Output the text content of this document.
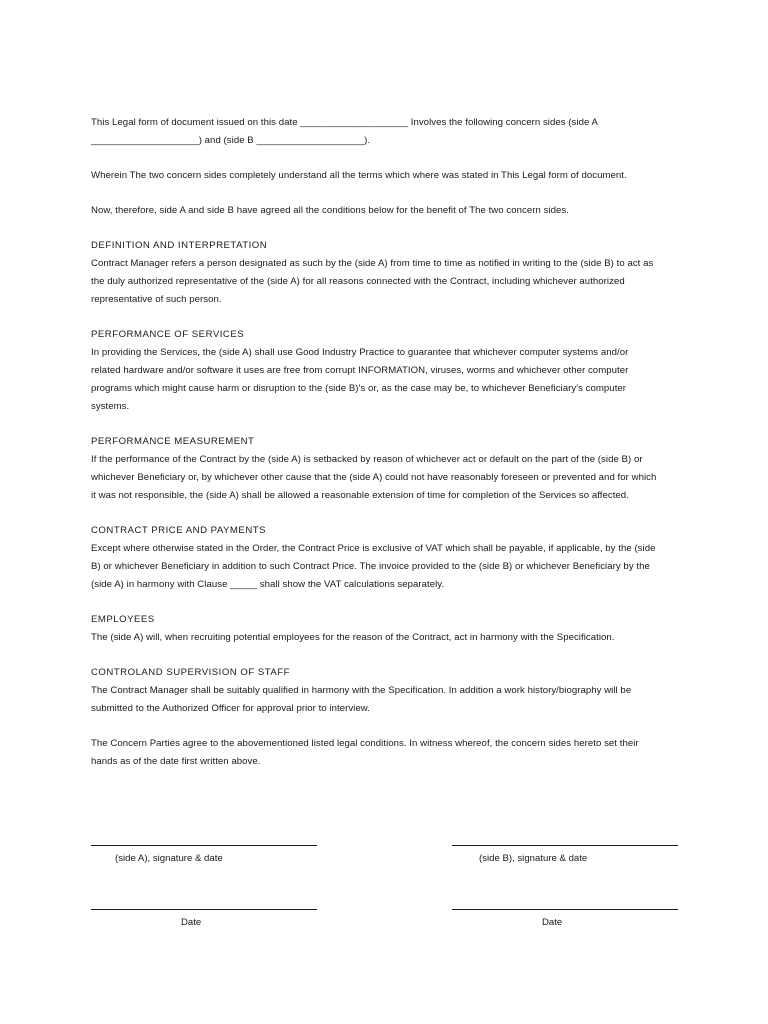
This Legal form of document issued on this date ____________________ Involves the following concern sides (side A

____________________) and (side B ____________________).

Wherein The two concern sides completely understand all the terms which where was stated in This Legal form of document.

Now, therefore, side A and side B have agreed all the conditions below for the benefit of The two concern sides.

DEFINITION AND INTERPRETATION

Contract Manager refers a person designated as such by the (side A) from time to time as notified in writing to the (side B) to act as

the duly authorized representative of the (side A) for all reasons connected with the Contract, including whichever authorized

representative of such person.

PERFORMANCE OF SERVICES

In providing the Services, the (side A) shall use Good Industry Practice to guarantee that whichever computer systems and/or

related hardware and/or software it uses are free from corrupt INFORMATION, viruses, worms and whichever other computer

programs which might cause harm or disruption to the (side B)'s or, as the case may be, to whichever Beneficiary's computer

systems.

PERFORMANCE MEASUREMENT

If the performance of the Contract by the (side A) is setbacked by reason of whichever act or default on the part of the (side B) or

whichever Beneficiary or, by whichever other cause that the (side A) could not have reasonably foreseen or prevented and for which

it was not responsible, the (side A) shall be allowed a reasonable extension of time for completion of the Services so affected.

CONTRACT PRICE AND PAYMENTS

Except where otherwise stated in the Order, the Contract Price is exclusive of VAT which shall be payable, if applicable, by the (side

B) or whichever Beneficiary in addition to such Contract Price. The invoice provided to the (side B) or whichever Beneficiary by the

(side A) in harmony with Clause _____ shall show the VAT calculations separately.

EMPLOYEES

The (side A) will, when recruiting potential employees for the reason of the Contract, act in harmony with the Specification.

CONTROLAND SUPERVISION OF STAFF

The Contract Manager shall be suitably qualified in harmony with the Specification. In addition a work history/biography will be

submitted to the Authorized Officer for approval prior to interview.

The Concern Parties agree to the abovementioned listed legal conditions. In witness whereof, the concern sides hereto set their

hands as of the date first written above.

(side A), signature & date	(side B), signature & date
Date	Date
